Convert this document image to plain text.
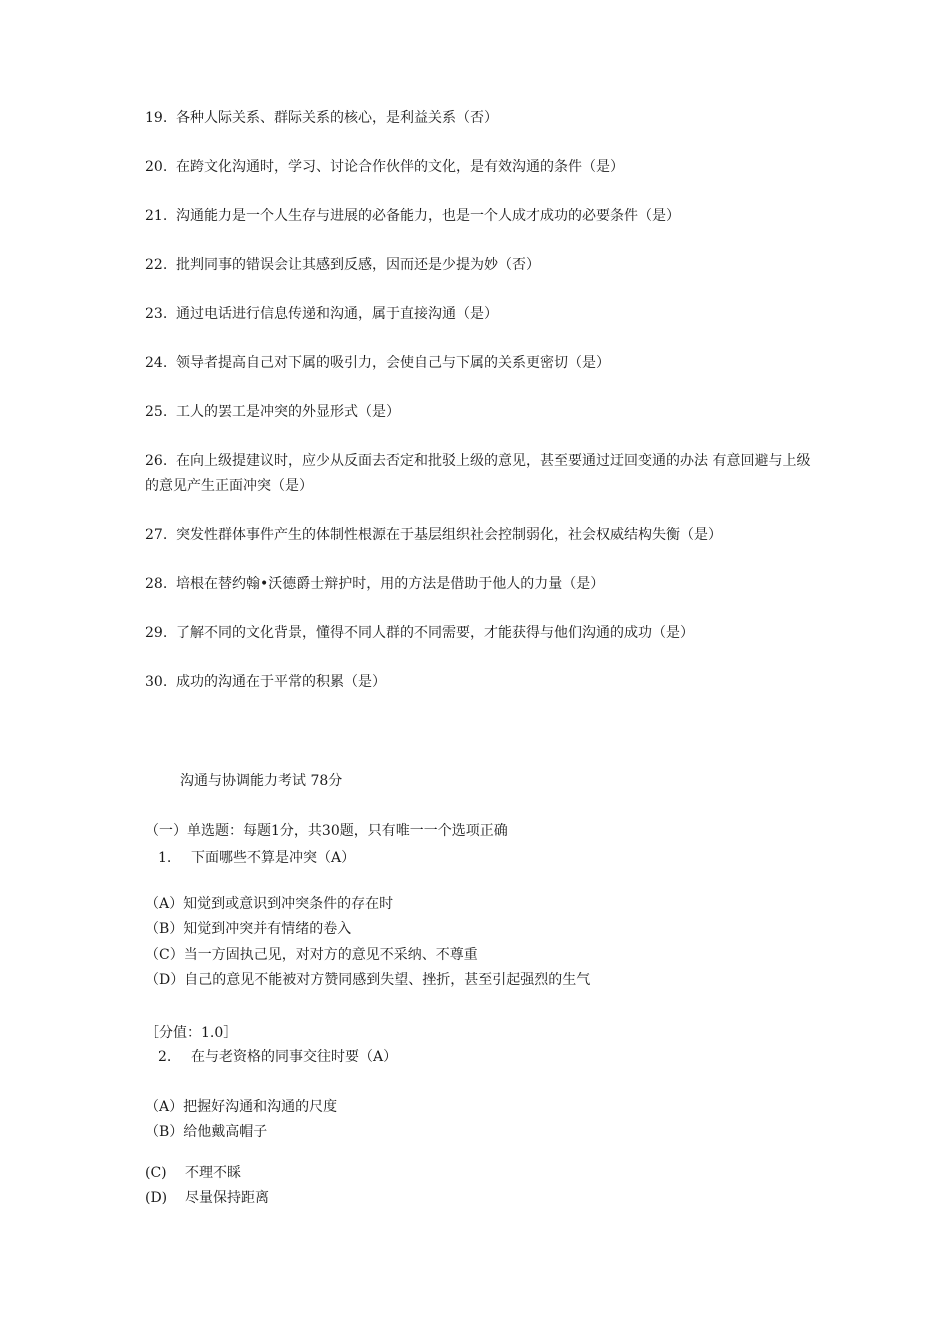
19. 各种人际关系、群际关系的核心，是利益关系（否）
20. 在跨文化沟通时，学习、讨论合作伙伴的文化，是有效沟通的条件（是）
21. 沟通能力是一个人生存与进展的必备能力，也是一个人成才成功的必要条件（是）
22. 批判同事的错误会让其感到反感，因而还是少提为妙（否）
23. 通过电话进行信息传递和沟通，属于直接沟通（是）
24. 领导者提高自己对下属的吸引力，会使自己与下属的关系更密切（是）
25. 工人的罢工是冲突的外显形式（是）
26. 在向上级提建议时，应少从反面去否定和批驳上级的意见，甚至要通过迂回变通的办法 有意回避与上级的意见产生正面冲突（是）
27. 突发性群体事件产生的体制性根源在于基层组织社会控制弱化，社会权威结构失衡（是）
28. 培根在替约翰•沃德爵士辩护时，用的方法是借助于他人的力量（是）
29. 了解不同的文化背景，懂得不同人群的不同需要，才能获得与他们沟通的成功（是）
30. 成功的沟通在于平常的积累（是）
沟通与协调能力考试 78分
（一）单选题：每题1分，共30题，只有唯一一个选项正确
1. 下面哪些不算是冲突（A）
（A）知觉到或意识到冲突条件的存在时
（B）知觉到冲突并有情绪的卷入
（C）当一方固执己见，对对方的意见不采纳、不尊重
（D）自己的意见不能被对方赞同感到失望、挫折，甚至引起强烈的生气
［分值：1.0］
2. 在与老资格的同事交往时要（A）
（A）把握好沟通和沟通的尺度
（B）给他戴高帽子
(C) 不理不睬
(D) 尽量保持距离
